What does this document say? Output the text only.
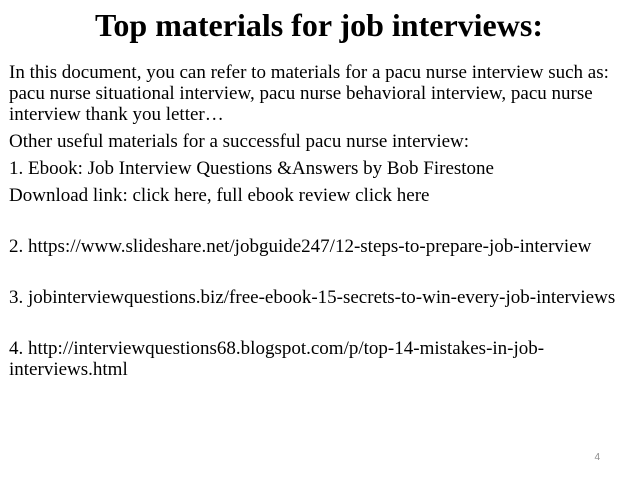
Top materials for job interviews:

In this document, you can refer to materials for a pacu nurse interview such as: pacu nurse situational interview, pacu nurse behavioral interview, pacu nurse interview thank you letter…

Other useful materials for a successful pacu nurse interview:

1. Ebook: Job Interview Questions &Answers by Bob Firestone

Download link: click here, full ebook review click here

2. https://www.slideshare.net/jobguide247/12-steps-to-prepare-job-interview

3. jobinterviewquestions.biz/free-ebook-15-secrets-to-win-every-job-interviews

4. http://interviewquestions68.blogspot.com/p/top-14-mistakes-in-job-interviews.html

4
